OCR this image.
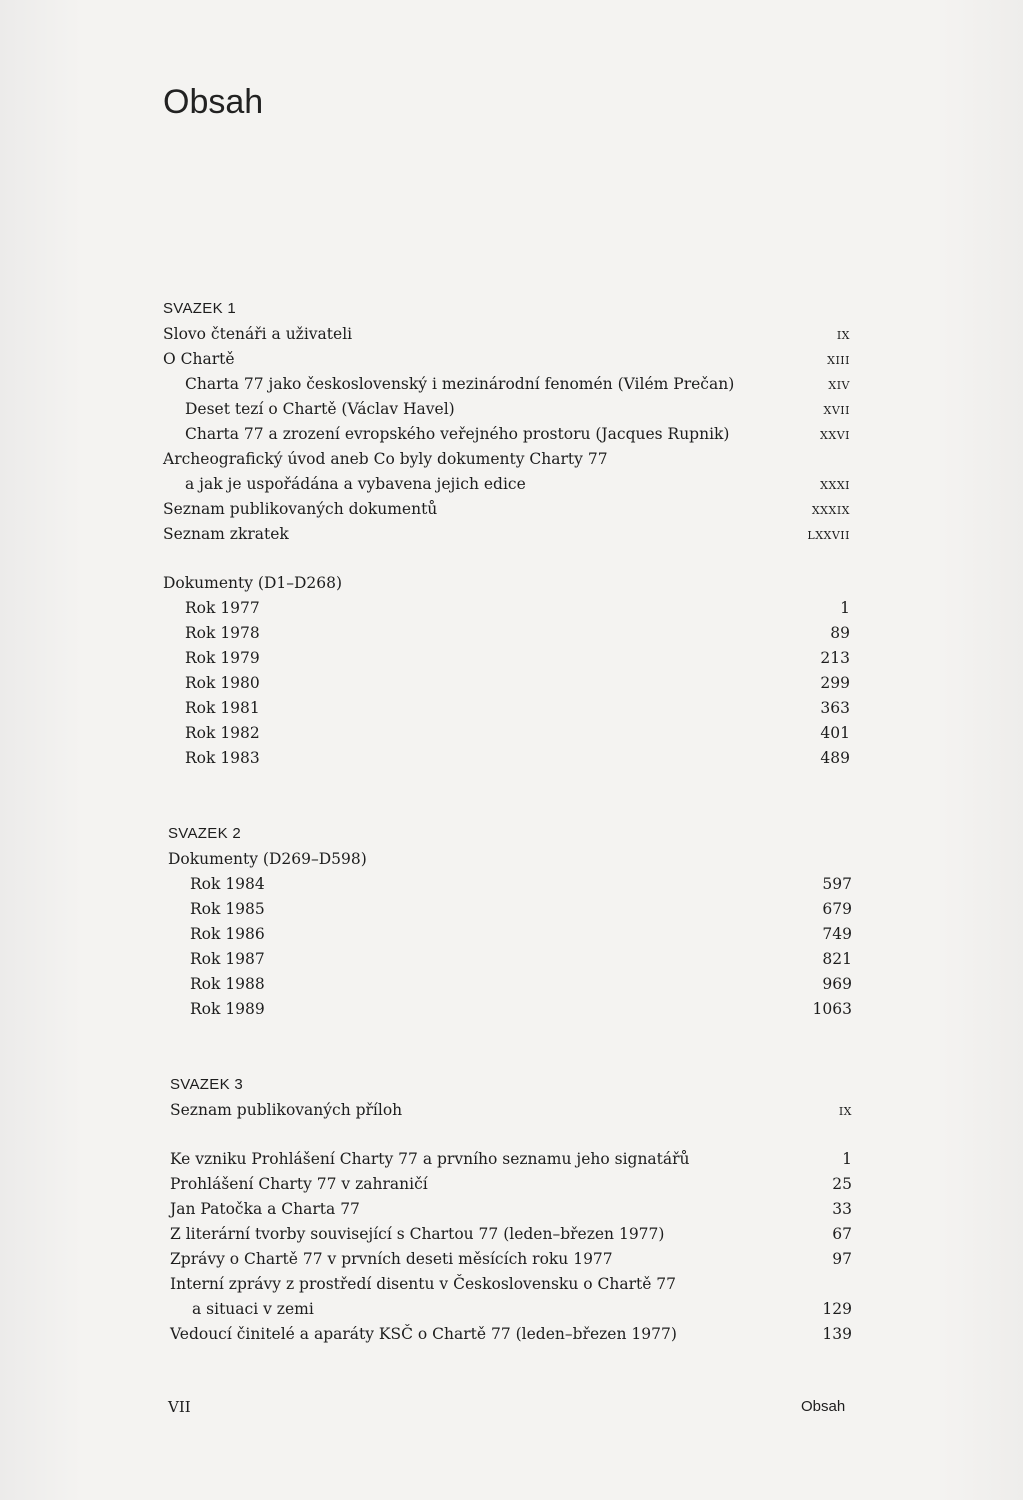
Obsah
SVAZEK 1
Slovo čtenáři a uživateli	ix
O Chartě	xiii
Charta 77 jako československý i mezinárodní fenomén (Vilém Prečan)	xiv
Deset tezí o Chartě (Václav Havel)	xvii
Charta 77 a zrození evropského veřejného prostoru (Jacques Rupnik)	xxvi
Archeografický úvod aneb Co byly dokumenty Charty 77
a jak je uspořádána a vybavena jejich edice	xxxi
Seznam publikovaných dokumentů	xxxix
Seznam zkratek	lxxvii
Dokumenty (D1–D268)
Rok 1977	1
Rok 1978	89
Rok 1979	213
Rok 1980	299
Rok 1981	363
Rok 1982	401
Rok 1983	489
SVAZEK 2
Dokumenty (D269–D598)
Rok 1984	597
Rok 1985	679
Rok 1986	749
Rok 1987	821
Rok 1988	969
Rok 1989	1063
SVAZEK 3
Seznam publikovaných příloh	ix
Ke vzniku Prohlášení Charty 77 a prvního seznamu jeho signatářů	1
Prohlášení Charty 77 v zahraničí	25
Jan Patočka a Charta 77	33
Z literární tvorby související s Chartou 77 (leden–březen 1977)	67
Zprávy o Chartě 77 v prvních deseti měsících roku 1977	97
Interní zprávy z prostředí disentu v Československu o Chartě 77
a situaci v zemi	129
Vedoucí činitelé a aparáty KSČ o Chartě 77 (leden–březen 1977)	139
VII	Obsah
